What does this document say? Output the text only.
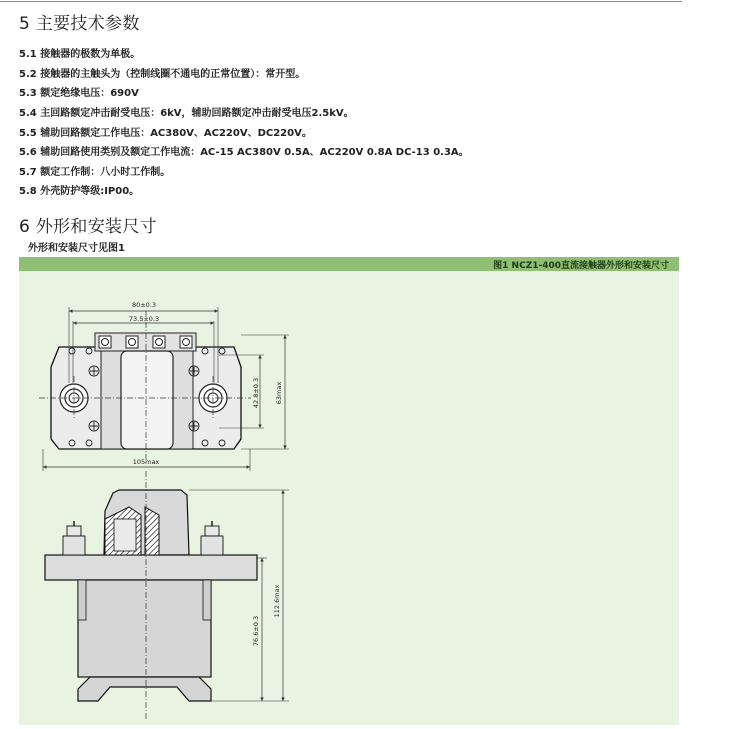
5 主要技术参数
5.1 接触器的极数为单极。
5.2 接触器的主触头为（控制线圈不通电的正常位置）：常开型。
5.3 额定绝缘电压：690V
5.4 主回路额定冲击耐受电压：6kV，辅助回路额定冲击耐受电压2.5kV。
5.5 辅助回路额定工作电压：AC380V、AC220V、DC220V。
5.6 辅助回路使用类别及额定工作电流：AC-15 AC380V 0.5A、AC220V 0.8A DC-13 0.3A。
5.7 额定工作制：八小时工作制。
5.8 外壳防护等级:IP00。
6 外形和安装尺寸
外形和安装尺寸见图1
图1 NCZ1-400直流接触器外形和安装尺寸
80±0.3
73.5±0.3
105max
42.8±0.3 63max
112.6max
76.6±0.3
